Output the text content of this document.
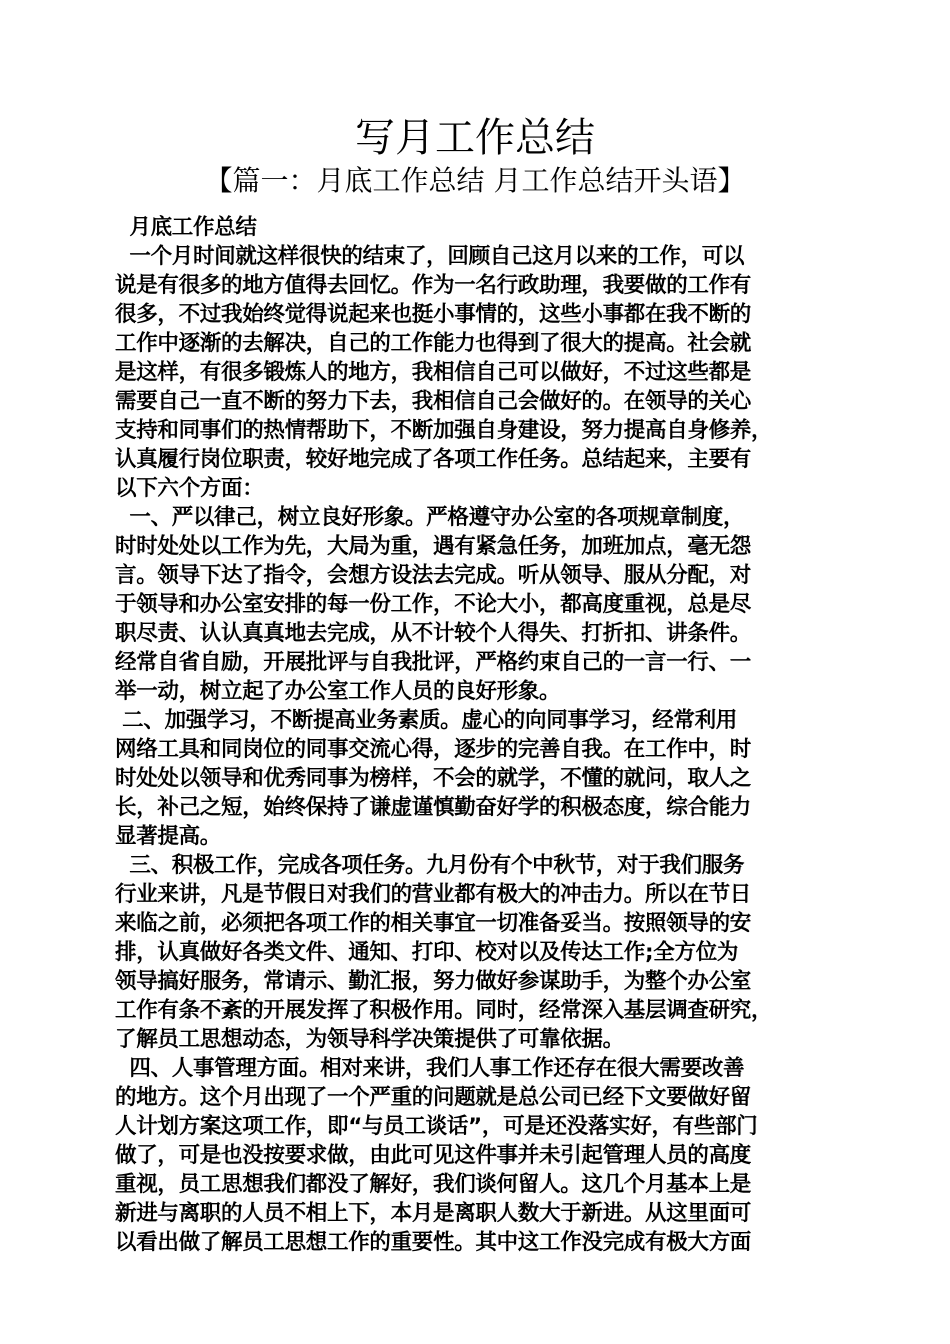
写月工作总结
【篇一：月底工作总结 月工作总结开头语】
月底工作总结
一个月时间就这样很快的结束了，回顾自己这月以来的工作，可以
说是有很多的地方值得去回忆。作为一名行政助理，我要做的工作有
很多，不过我始终觉得说起来也挺小事情的，这些小事都在我不断的
工作中逐渐的去解决，自己的工作能力也得到了很大的提高。社会就
是这样，有很多锻炼人的地方，我相信自己可以做好，不过这些都是
需要自己一直不断的努力下去，我相信自己会做好的。在领导的关心
支持和同事们的热情帮助下，不断加强自身建设，努力提高自身修养，
认真履行岗位职责，较好地完成了各项工作任务。总结起来，主要有
以下六个方面：
一、严以律己，树立良好形象。严格遵守办公室的各项规章制度，
时时处处以工作为先，大局为重，遇有紧急任务，加班加点，毫无怨
言。领导下达了指令，会想方设法去完成。听从领导、服从分配，对
于领导和办公室安排的每一份工作，不论大小，都高度重视，总是尽
职尽责、认认真真地去完成，从不计较个人得失、打折扣、讲条件。
经常自省自励，开展批评与自我批评，严格约束自己的一言一行、一
举一动，树立起了办公室工作人员的良好形象。
二、加强学习，不断提高业务素质。虚心的向同事学习，经常利用
网络工具和同岗位的同事交流心得，逐步的完善自我。在工作中，时
时处处以领导和优秀同事为榜样，不会的就学，不懂的就问，取人之
长，补己之短，始终保持了谦虚谨慎勤奋好学的积极态度，综合能力
显著提高。
三、积极工作，完成各项任务。九月份有个中秋节，对于我们服务
行业来讲，凡是节假日对我们的营业都有极大的冲击力。所以在节日
来临之前，必须把各项工作的相关事宜一切准备妥当。按照领导的安
排，认真做好各类文件、通知、打印、校对以及传达工作;全方位为
领导搞好服务，常请示、勤汇报，努力做好参谋助手，为整个办公室
工作有条不紊的开展发挥了积极作用。同时，经常深入基层调查研究，
了解员工思想动态，为领导科学决策提供了可靠依据。
四、人事管理方面。相对来讲，我们人事工作还存在很大需要改善
的地方。这个月出现了一个严重的问题就是总公司已经下文要做好留
人计划方案这项工作，即“与员工谈话”，可是还没落实好，有些部门
做了，可是也没按要求做，由此可见这件事并未引起管理人员的高度
重视，员工思想我们都没了解好，我们谈何留人。这几个月基本上是
新进与离职的人员不相上下，本月是离职人数大于新进。从这里面可
以看出做了解员工思想工作的重要性。其中这工作没完成有极大方面
